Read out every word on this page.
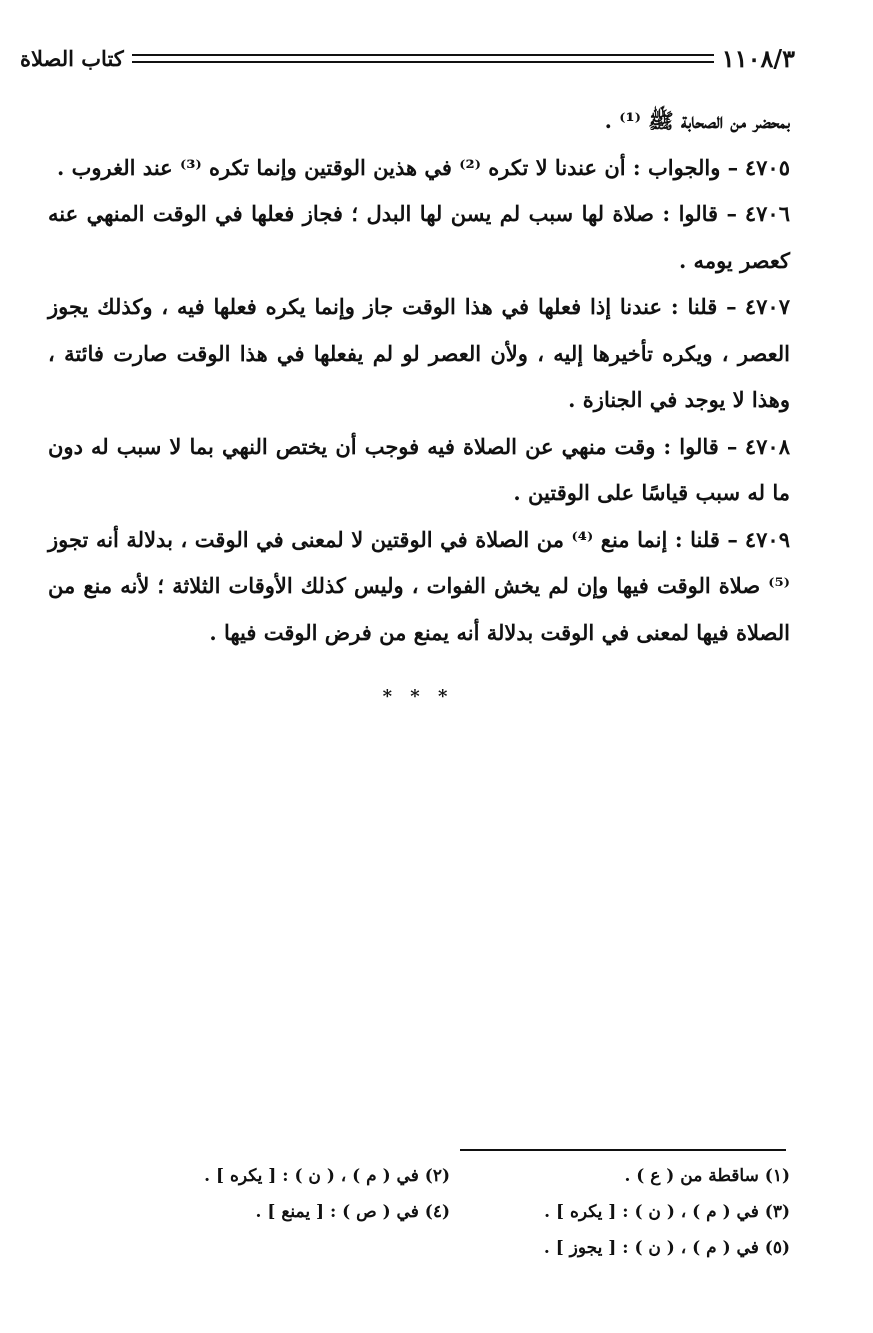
١١٠٨/٣
كتاب الصلاة

بمحضر من الصحابة ﷺ ⁽¹⁾ .

٤٧٠٥ – والجواب : أن عندنا لا تكره ⁽²⁾ في هذين الوقتين وإنما تكره ⁽³⁾ عند الغروب .

٤٧٠٦ – قالوا : صلاة لها سبب لم يسن لها البدل ؛ فجاز فعلها في الوقت المنهي عنه كعصر يومه .

٤٧٠٧ – قلنا : عندنا إذا فعلها في هذا الوقت جاز وإنما يكره فعلها فيه ، وكذلك يجوز العصر ، ويكره تأخيرها إليه ، ولأن العصر لو لم يفعلها في هذا الوقت صارت فائتة ، وهذا لا يوجد في الجنازة .

٤٧٠٨ – قالوا : وقت منهي عن الصلاة فيه فوجب أن يختص النهي بما لا سبب له دون ما له سبب قياسًا على الوقتين .

٤٧٠٩ – قلنا : إنما منع ⁽⁴⁾ من الصلاة في الوقتين لا لمعنى في الوقت ، بدلالة أنه تجوز ⁽⁵⁾ صلاة الوقت فيها وإن لم يخش الفوات ، وليس كذلك الأوقات الثلاثة ؛ لأنه منع من الصلاة فيها لمعنى في الوقت بدلالة أنه يمنع من فرض الوقت فيها .

* * *
(١) ساقطة من ( ع ) .
(٢) في ( م ) ، ( ن ) : [ يكره ] .
(٣) في ( م ) ، ( ن ) : [ يكره ] .
(٤) في ( ص ) : [ يمنع ] .
(٥) في ( م ) ، ( ن ) : [ يجوز ] .
